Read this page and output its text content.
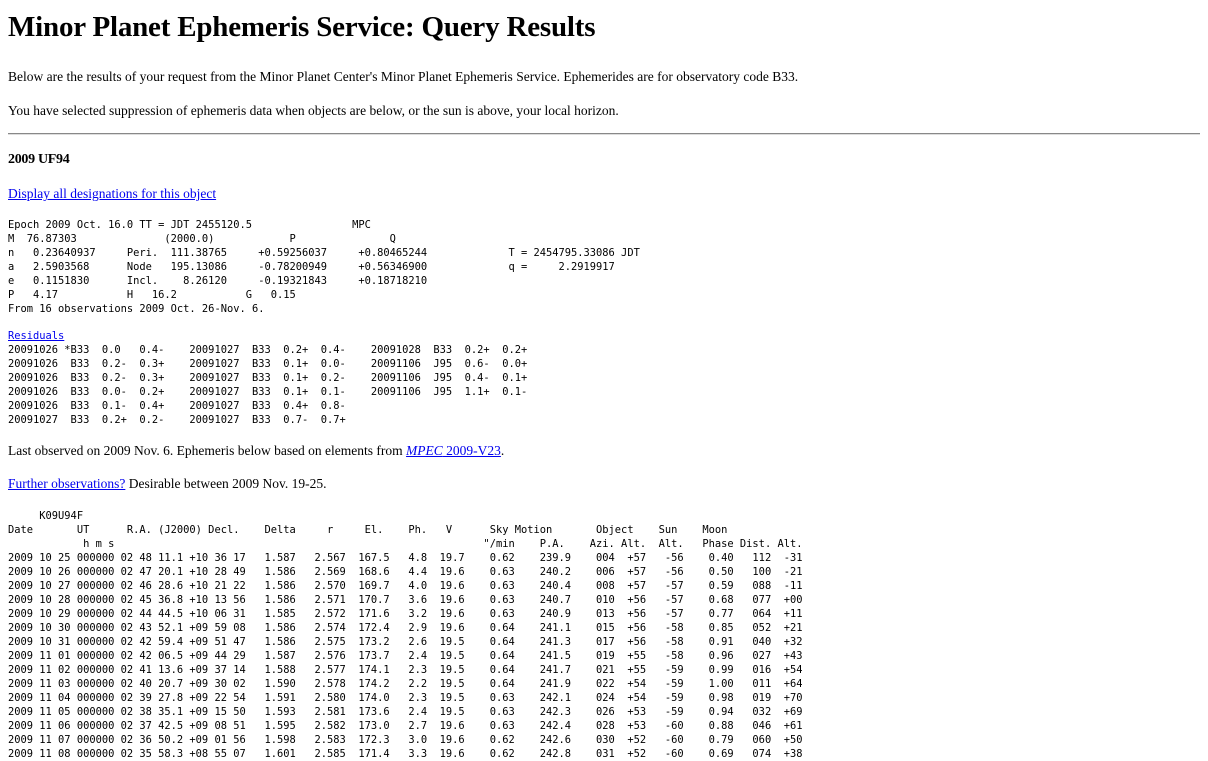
Minor Planet Ephemeris Service: Query Results

Below are the results of your request from the Minor Planet Center's Minor Planet Ephemeris Service. Ephemerides are for observatory code B33.

You have selected suppression of ephemeris data when objects are below, or the sun is above, your local horizon.

2009 UF94
Display all designations for this object
Epoch 2009 Oct. 16.0 TT = JDT 2455120.5                MPC
M  76.87303              (2000.0)            P               Q
n   0.23640937     Peri.  111.38765     +0.59256037     +0.80465244             T = 2454795.33086 JDT
a   2.5903568      Node   195.13086     -0.78200949     +0.56346900             q =     2.2919917
e   0.1151830      Incl.    8.26120     -0.19321843     +0.18718210
P   4.17           H   16.2           G   0.15
From 16 observations 2009 Oct. 26-Nov. 6.
Residuals
20091026 *B33  0.0   0.4-    20091027  B33  0.2+  0.4-    20091028  B33  0.2+  0.2+
20091026  B33  0.2-  0.3+    20091027  B33  0.1+  0.0-    20091106  J95  0.6-  0.0+
20091026  B33  0.2-  0.3+    20091027  B33  0.1+  0.2-    20091106  J95  0.4-  0.1+
20091026  B33  0.0-  0.2+    20091027  B33  0.1+  0.1-    20091106  J95  1.1+  0.1-
20091026  B33  0.1-  0.4+    20091027  B33  0.4+  0.8-
20091027  B33  0.2+  0.2-    20091027  B33  0.7-  0.7+
Last observed on 2009 Nov. 6. Ephemeris below based on elements from MPEC 2009-V23.
Further observations? Desirable between 2009 Nov. 19-25.
K09U94F
Date       UT      R.A. (J2000) Decl.    Delta     r     El.    Ph.   V      Sky Motion       Object    Sun    Moon
h m s                                                           "/min    P.A.    Azi. Alt.  Alt.   Phase Dist. Alt.
2009 10 25 000000 02 48 11.1 +10 36 17   1.587   2.567  167.5   4.8  19.7    0.62    239.9    004  +57   -56    0.40   112  -31
2009 10 26 000000 02 47 20.1 +10 28 49   1.586   2.569  168.6   4.4  19.6    0.63    240.2    006  +57   -56    0.50   100  -21
2009 10 27 000000 02 46 28.6 +10 21 22   1.586   2.570  169.7   4.0  19.6    0.63    240.4    008  +57   -57    0.59   088  -11
2009 10 28 000000 02 45 36.8 +10 13 56   1.586   2.571  170.7   3.6  19.6    0.63    240.7    010  +56   -57    0.68   077  +00
2009 10 29 000000 02 44 44.5 +10 06 31   1.585   2.572  171.6   3.2  19.6    0.63    240.9    013  +56   -57    0.77   064  +11
2009 10 30 000000 02 43 52.1 +09 59 08   1.586   2.574  172.4   2.9  19.6    0.64    241.1    015  +56   -58    0.85   052  +21
2009 10 31 000000 02 42 59.4 +09 51 47   1.586   2.575  173.2   2.6  19.5    0.64    241.3    017  +56   -58    0.91   040  +32
2009 11 01 000000 02 42 06.5 +09 44 29   1.587   2.576  173.7   2.4  19.5    0.64    241.5    019  +55   -58    0.96   027  +43
2009 11 02 000000 02 41 13.6 +09 37 14   1.588   2.577  174.1   2.3  19.5    0.64    241.7    021  +55   -59    0.99   016  +54
2009 11 03 000000 02 40 20.7 +09 30 02   1.590   2.578  174.2   2.2  19.5    0.64    241.9    022  +54   -59    1.00   011  +64
2009 11 04 000000 02 39 27.8 +09 22 54   1.591   2.580  174.0   2.3  19.5    0.63    242.1    024  +54   -59    0.98   019  +70
2009 11 05 000000 02 38 35.1 +09 15 50   1.593   2.581  173.6   2.4  19.5    0.63    242.3    026  +53   -59    0.94   032  +69
2009 11 06 000000 02 37 42.5 +09 08 51   1.595   2.582  173.0   2.7  19.6    0.63    242.4    028  +53   -60    0.88   046  +61
2009 11 07 000000 02 36 50.2 +09 01 56   1.598   2.583  172.3   3.0  19.6    0.62    242.6    030  +52   -60    0.79   060  +50
2009 11 08 000000 02 35 58.3 +08 55 07   1.601   2.585  171.4   3.3  19.6    0.62    242.8    031  +52   -60    0.69   074  +38
